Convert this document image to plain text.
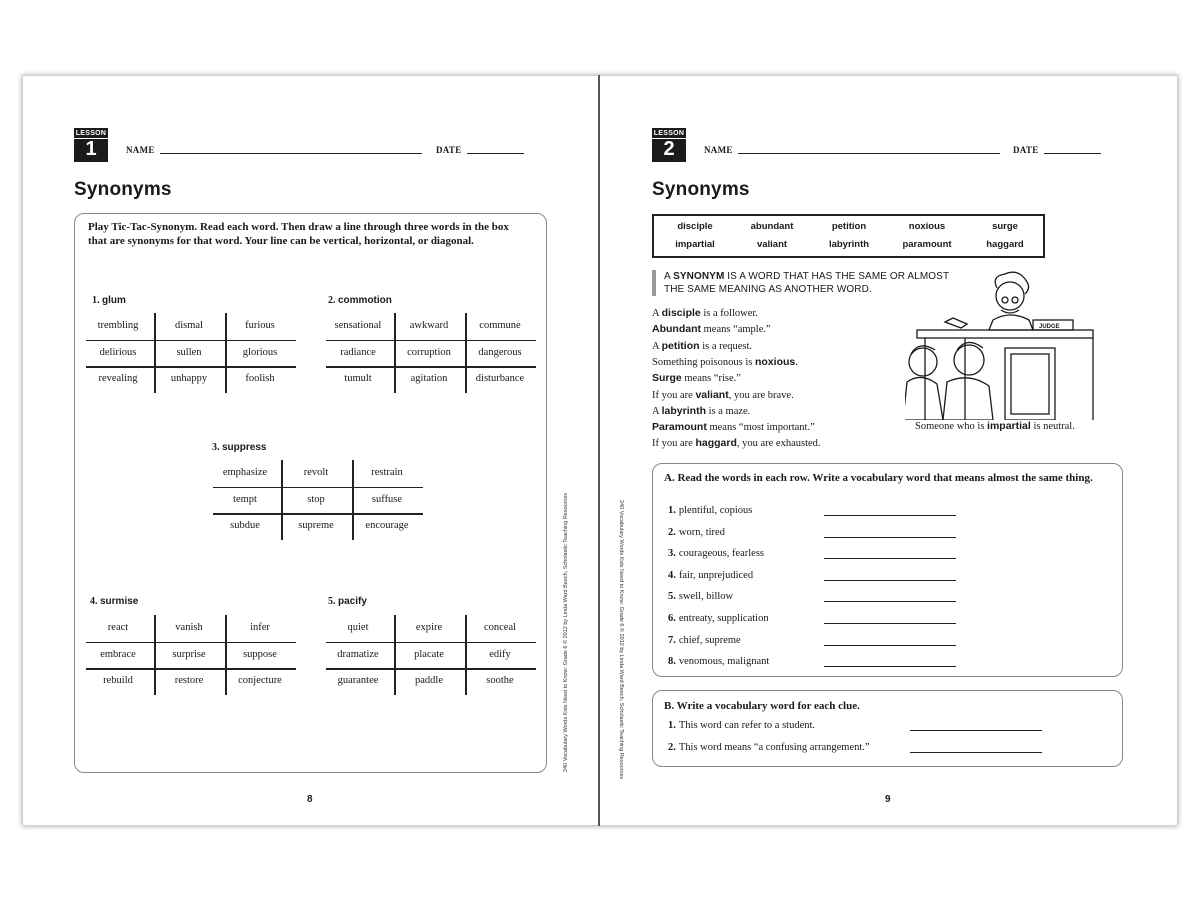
LESSON
1	NAME	DATE
Synonyms
Play Tic-Tac-Synonym. Read each word. Then draw a line through three words in the box that are synonyms for that word. Your line can be vertical, horizontal, or diagonal.
1. glum
trembling	dismal	furious
delirious	sullen	glorious
revealing	unhappy	foolish
2. commotion
sensational	awkward	commune
radiance	corruption	dangerous
tumult	agitation	disturbance
3. suppress
emphasize	revolt	restrain
tempt	stop	suffuse
subdue	supreme	encourage
4. surmise
react	vanish	infer
embrace	surprise	suppose
rebuild	restore	conjecture
5. pacify
quiet	expire	conceal
dramatize	placate	edify
guarantee	paddle	soothe
8
240 Vocabulary Words Kids Need to Know: Grade 6 © 2012 by Linda Ward Beech, Scholastic Teaching Resources
LESSON
2	NAME	DATE
Synonyms
disciple	abundant	petition	noxious	surge
impartial	valiant	labyrinth	paramount	haggard
A SYNONYM IS A WORD THAT HAS THE SAME OR ALMOST THE SAME MEANING AS ANOTHER WORD.
A disciple is a follower.
Abundant means “ample.”
A petition is a request.
Something poisonous is noxious.
Surge means “rise.”
If you are valiant, you are brave.
A labyrinth is a maze.
Paramount means “most important.”
If you are haggard, you are exhausted.
JUDGE
Someone who is impartial is neutral.
A. Read the words in each row. Write a vocabulary word that means almost the same thing.
1. plentiful, copious
2. worn, tired
3. courageous, fearless
4. fair, unprejudiced
5. swell, billow
6. entreaty, supplication
7. chief, supreme
8. venomous, malignant
B. Write a vocabulary word for each clue.
1. This word can refer to a student.
2. This word means “a confusing arrangement.”
9
240 Vocabulary Words Kids Need to Know: Grade 6 © 2012 by Linda Ward Beech, Scholastic Teaching Resources
